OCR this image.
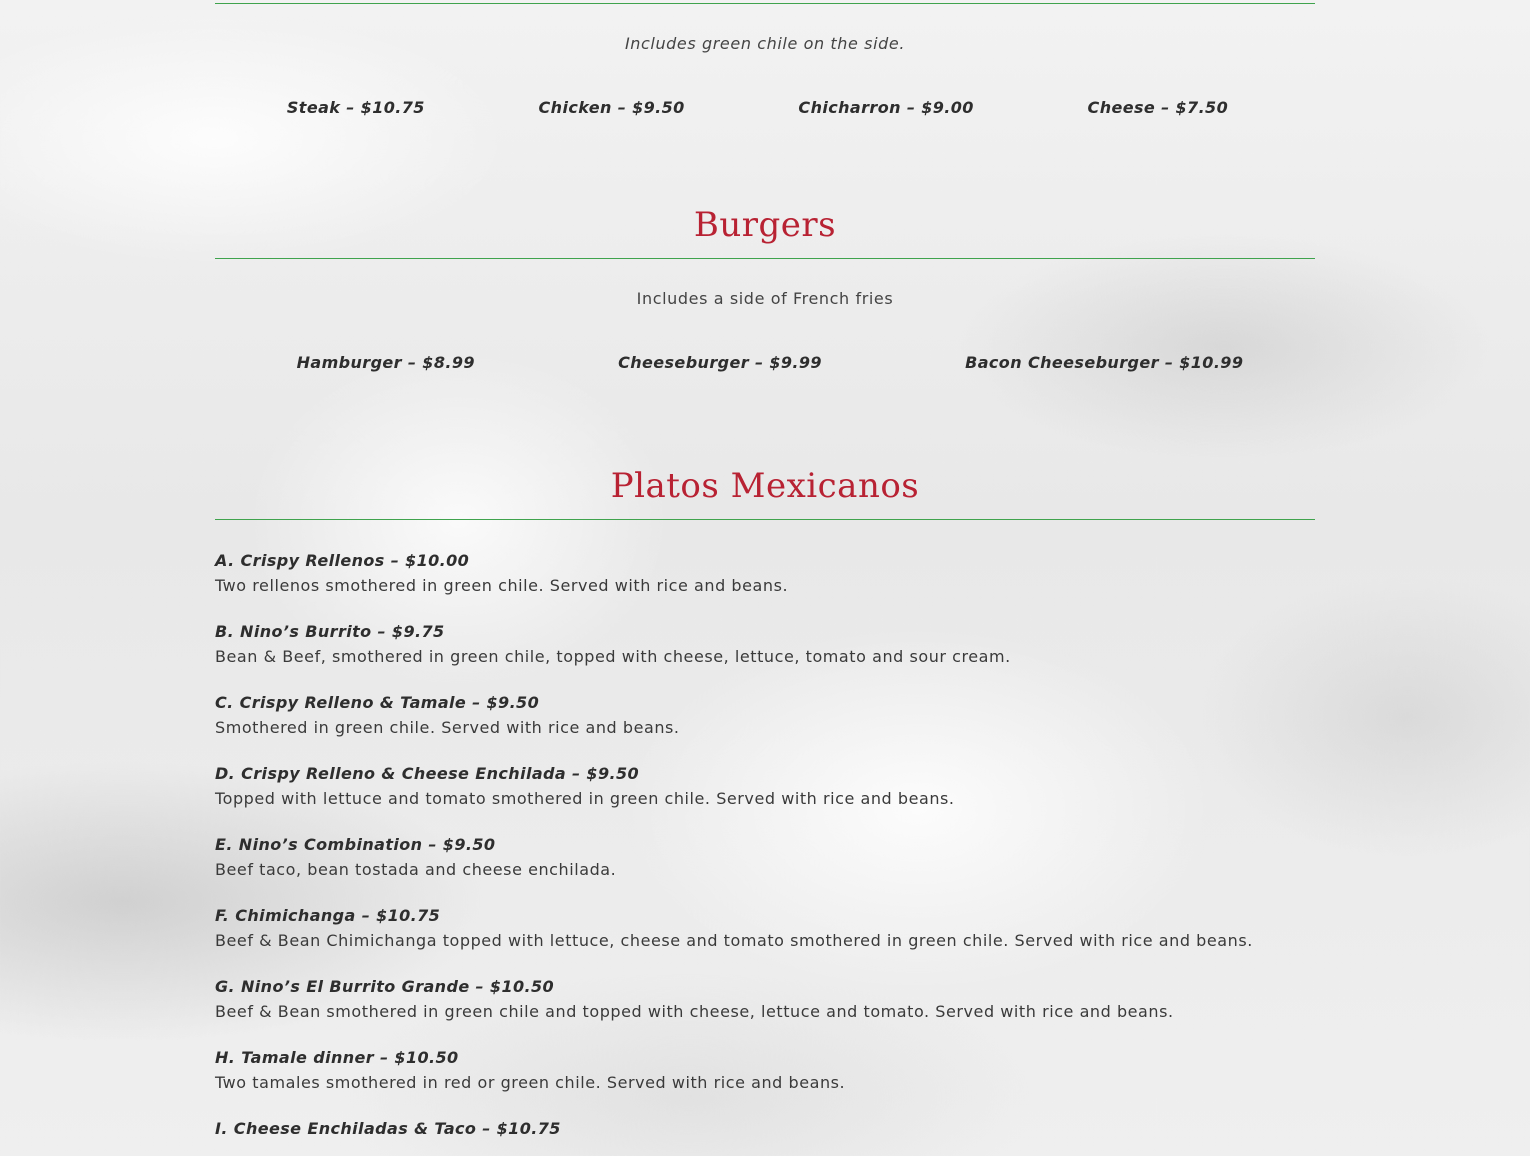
Includes green chile on the side.
Steak – $10.75	Chicken – $9.50	Chicharron – $9.00	Cheese – $7.50
Burgers
Includes a side of French fries
Hamburger – $8.99	Cheeseburger – $9.99	Bacon Cheeseburger – $10.99
Platos Mexicanos
A. Crispy Rellenos – $10.00
Two rellenos smothered in green chile. Served with rice and beans.
B. Nino’s Burrito – $9.75
Bean & Beef, smothered in green chile, topped with cheese, lettuce, tomato and sour cream.
C. Crispy Relleno & Tamale – $9.50
Smothered in green chile. Served with rice and beans.
D. Crispy Relleno & Cheese Enchilada – $9.50
Topped with lettuce and tomato smothered in green chile. Served with rice and beans.
E. Nino’s Combination – $9.50
Beef taco, bean tostada and cheese enchilada.
F. Chimichanga – $10.75
Beef & Bean Chimichanga topped with lettuce, cheese and tomato smothered in green chile. Served with rice and beans.
G. Nino’s El Burrito Grande – $10.50
Beef & Bean smothered in green chile and topped with cheese, lettuce and tomato. Served with rice and beans.
H. Tamale dinner – $10.50
Two tamales smothered in red or green chile. Served with rice and beans.
I. Cheese Enchiladas & Taco – $10.75
